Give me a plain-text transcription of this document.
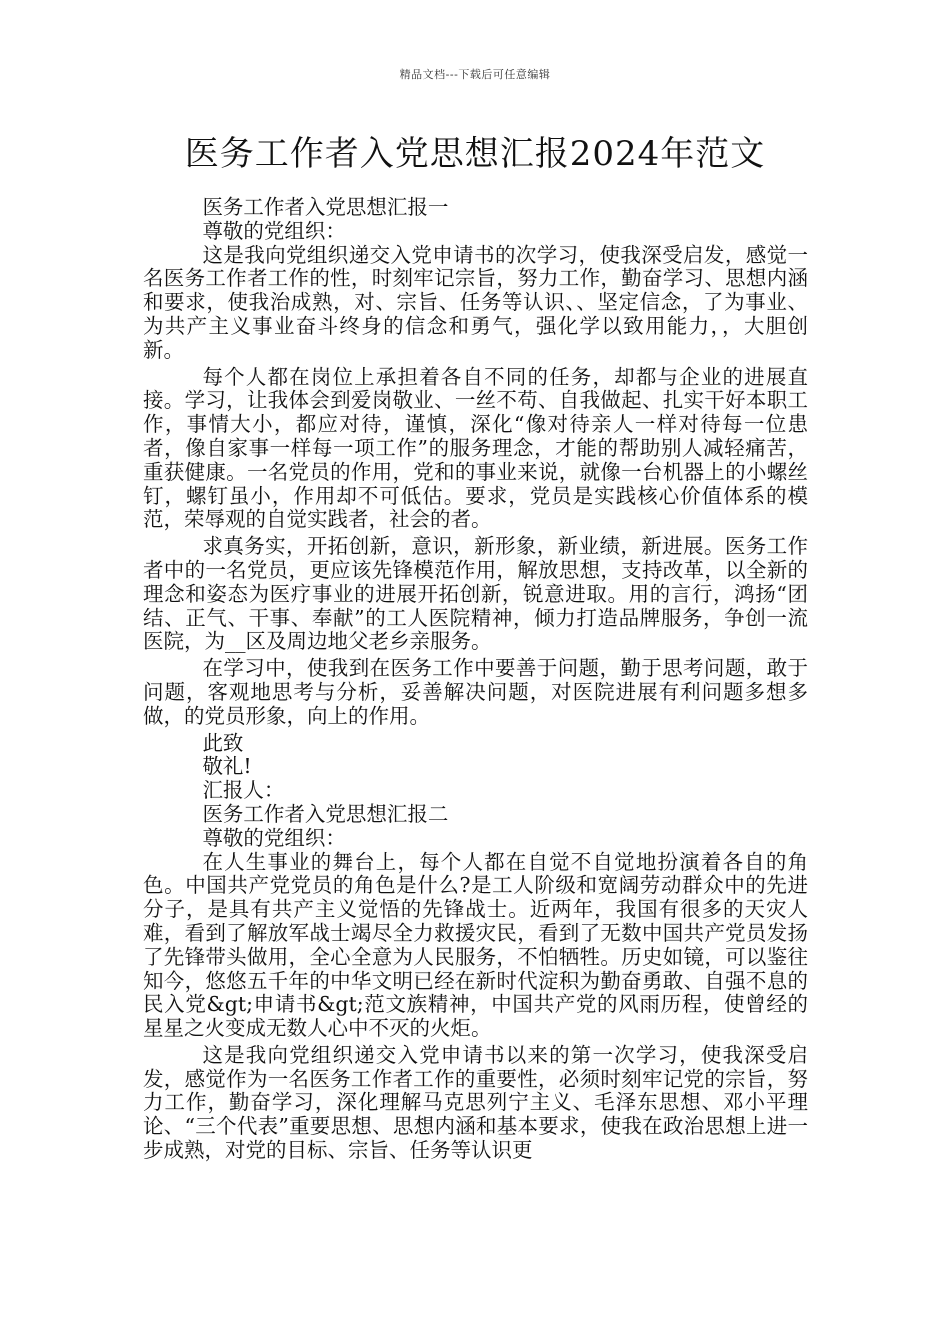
精品文档---下载后可任意编辑
医务工作者入党思想汇报2024年范文
医务工作者入党思想汇报一
尊敬的党组织：

这是我向党组织递交入党申请书的次学习，使我深受启发，感觉一名医务工作者工作的性，时刻牢记宗旨，努力工作，勤奋学习、思想内涵和要求，使我治成熟，对、宗旨、任务等认识、、坚定信念，了为事业、为共产主义事业奋斗终身的信念和勇气，强化学以致用能力，，大胆创新。

每个人都在岗位上承担着各自不同的任务，却都与企业的进展直接。学习，让我体会到爱岗敬业、一丝不苟、自我做起、扎实干好本职工作，事情大小，都应对待，谨慎，深化“像对待亲人一样对待每一位患者，像自家事一样每一项工作”的服务理念，才能的帮助别人减轻痛苦，重获健康。一名党员的作用，党和的事业来说，就像一台机器上的小螺丝钉，螺钉虽小，作用却不可低估。要求，党员是实践核心价值体系的模范，荣辱观的自觉实践者，社会的者。

求真务实，开拓创新，意识，新形象，新业绩，新进展。医务工作者中的一名党员，更应该先锋模范作用，解放思想，支持改革，以全新的理念和姿态为医疗事业的进展开拓创新，锐意进取。用的言行，鸿扬“团结、正气、干事、奉献”的工人医院精神，倾力打造品牌服务，争创一流医院，为__区及周边地父老乡亲服务。

在学习中，使我到在医务工作中要善于问题，勤于思考问题，敢于问题，客观地思考与分析，妥善解决问题，对医院进展有利问题多想多做，的党员形象，向上的作用。

此致
敬礼!
汇报人：
医务工作者入党思想汇报二
尊敬的党组织：

在人生事业的舞台上，每个人都在自觉不自觉地扮演着各自的角色。中国共产党党员的角色是什么?是工人阶级和宽阔劳动群众中的先进分子，是具有共产主义觉悟的先锋战士。近两年，我国有很多的天灾人难，看到了解放军战士竭尽全力救援灾民，看到了无数中国共产党员发扬了先锋带头做用，全心全意为人民服务，不怕牺牲。历史如镜，可以鉴往知今，悠悠五千年的中华文明已经在新时代淀积为勤奋勇敢、自强不息的民入党&gt;申请书&gt;范文族精神，中国共产党的风雨历程，使曾经的星星之火变成无数人心中不灭的火炬。

这是我向党组织递交入党申请书以来的第一次学习，使我深受启发，感觉作为一名医务工作者工作的重要性，必须时刻牢记党的宗旨，努力工作，勤奋学习，深化理解马克思列宁主义、毛泽东思想、邓小平理论、“三个代表”重要思想、思想内涵和基本要求，使我在政治思想上进一步成熟，对党的目标、宗旨、任务等认识更
